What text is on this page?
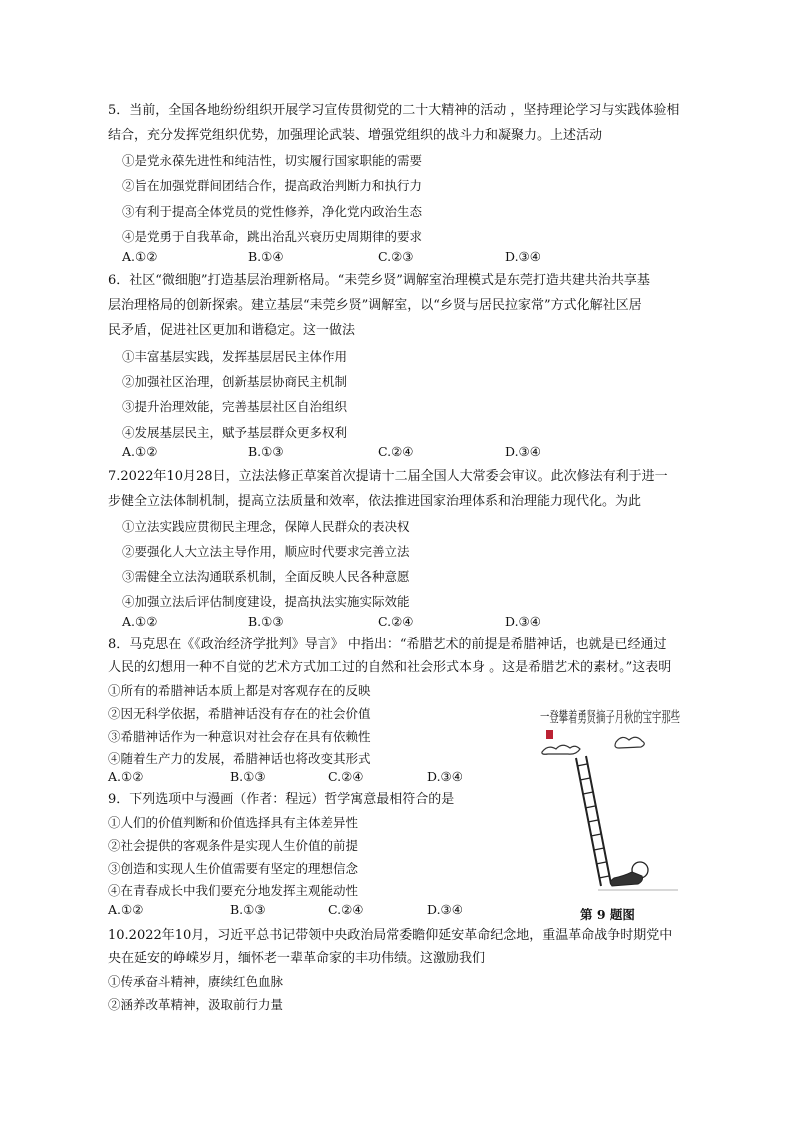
5．当前，全国各地纷纷组织开展学习宣传贯彻党的二十大精神的活动 ，坚持理论学习与实践体验相
结合，充分发挥党组织优势，加强理论武装、增强党组织的战斗力和凝聚力。上述活动
①是党永葆先进性和纯洁性，切实履行国家职能的需要
②旨在加强党群间团结合作，提高政治判断力和执行力
③有利于提高全体党员的党性修养，净化党内政治生态
④是党勇于自我革命，跳出治乱兴衰历史周期律的要求
A.①②	B.①④	C.②③	D.③④
6．社区“微细胞”打造基层治理新格局。“耒莞乡贤”调解室治理模式是东莞打造共建共治共享基
层治理格局的创新探索。建立基层“耒莞乡贤”调解室，以“乡贤与居民拉家常”方式化解社区居
民矛盾，促进社区更加和谐稳定。这一做法
①丰富基层实践，发挥基层居民主体作用
②加强社区治理，创新基层协商民主机制
③提升治理效能，完善基层社区自治组织
④发展基层民主，赋予基层群众更多权利
A.①②	B.①③	C.②④	D.③④
7.2022年10月28日，立法法修正草案首次提请十二届全国人大常委会审议。此次修法有利于进一
步健全立法体制机制，提高立法质量和效率，依法推进国家治理体系和治理能力现代化。为此
①立法实践应贯彻民主理念，保障人民群众的表决权
②要强化人大立法主导作用，顺应时代要求完善立法
③需健全立法沟通联系机制，全面反映人民各种意愿
④加强立法后评估制度建设，提高执法实施实际效能
A.①②	B.①③	C.②④	D.③④
8．马克思在《《政治经济学批判》导言》 中指出：“希腊艺术的前提是希腊神话，也就是已经通过
人民的幻想用一种不自觉的艺术方式加工过的自然和社会形式本身 。这是希腊艺术的素材。”这表明
①所有的希腊神话本质上都是对客观存在的反映
②因无科学依据，希腊神话没有存在的社会价值
③希腊神话作为一种意识对社会存在具有依赖性
④随着生产力的发展，希腊神话也将改变其形式
A.①②	B.①③	C.②④	D.③④
9．下列选项中与漫画（作者：程远）哲学寓意最相符合的是
①人们的价值判断和价值选择具有主体差异性
②社会提供的客观条件是实现人生价值的前提
③创造和实现人生价值需要有坚定的理想信念
④在青春成长中我们要充分地发挥主观能动性
A.①②	B.①③	C.②④	D.③④
一登攀着勇贤摘子月秋的宝宇那些
第 9 题图
10.2022年10月，习近平总书记带领中央政治局常委瞻仰延安革命纪念地，重温革命战争时期党中
央在延安的峥嵘岁月，缅怀老一辈革命家的丰功伟绩。这激励我们
①传承奋斗精神，赓续红色血脉
②涵养改革精神，汲取前行力量
